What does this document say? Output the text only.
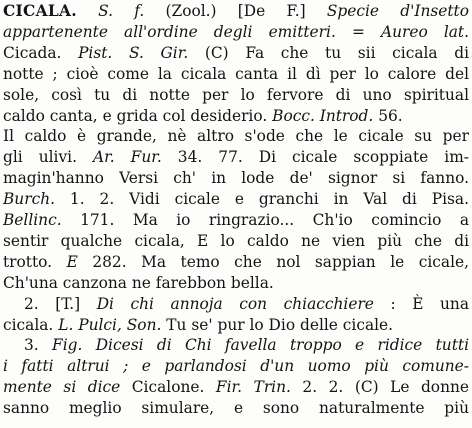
CICALA. S. f. (Zool.) [De F.] Specie d'Insetto
appartenente all'ordine degli emitteri. = Aureo lat.
Cicada. Pist. S. Gir. (C) Fa che tu sii cicala di
notte ; cioè come la cicala canta il dì per lo calore del
sole, così tu di notte per lo fervore di uno spiritual
caldo canta, e grida col desiderio. Bocc. Introd. 56.
Il caldo è grande, nè altro s'ode che le cicale su per
gli ulivi. Ar. Fur. 34. 77. Di cicale scoppiate im-
magin'hanno Versi ch' in lode de' signor si fanno.
Burch. 1. 2. Vidi cicale e granchi in Val di Pisa.
Bellinc. 171. Ma io ringrazio... Ch'io comincio a
sentir qualche cicala, E lo caldo ne vien più che di
trotto. E 282. Ma temo che nol sappian le cicale,
Ch'una canzona ne farebbon bella.
2. [T.] Di chi annoja con chiacchiere : È una
cicala. L. Pulci, Son. Tu se' pur lo Dio delle cicale.
3. Fig. Dicesi di Chi favella troppo e ridice tutti
i fatti altrui ; e parlandosi d'un uomo più comune-
mente si dice Cicalone. Fir. Trin. 2. 2. (C) Le donne
sanno meglio simulare, e sono naturalmente più
